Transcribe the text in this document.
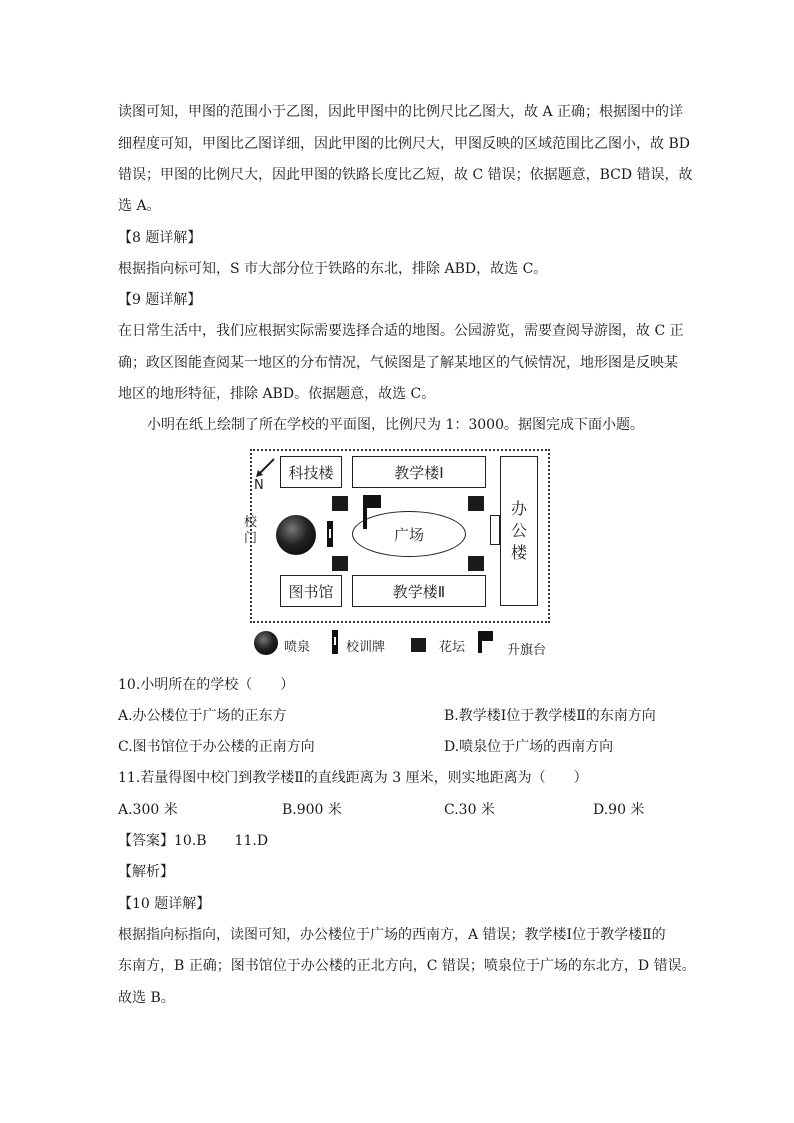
读图可知，甲图的范围小于乙图，因此甲图中的比例尺比乙图大，故 A 正确；根据图中的详
细程度可知，甲图比乙图详细，因此甲图的比例尺大，甲图反映的区域范围比乙图小，故 BD
错误；甲图的比例尺大，因此甲图的铁路长度比乙短，故 C 错误；依据题意，BCD 错误，故
选 A。
【8 题详解】
根据指向标可知，S 市大部分位于铁路的东北，排除 ABD，故选 C。
【9 题详解】
在日常生活中，我们应根据实际需要选择合适的地图。公园游览，需要查阅导游图，故 C 正
确；政区图能查阅某一地区的分布情况，气候图是了解某地区的气候情况，地形图是反映某
地区的地形特征，排除 ABD。依据题意，故选 C。
小明在纸上绘制了所在学校的平面图，比例尺为 1：3000。据图完成下面小题。
N
校门
科技楼	教学楼Ⅰ
图书馆	教学楼Ⅱ
办公楼
广场
喷泉	校训牌	花坛	升旗台
10.小明所在的学校（　　）
A.办公楼位于广场的正东方	B.教学楼Ⅰ位于教学楼Ⅱ的东南方向
C.图书馆位于办公楼的正南方向	D.喷泉位于广场的西南方向
11.若量得图中校门到教学楼Ⅱ的直线距离为 3 厘米，则实地距离为（　　）
A.300 米	B.900 米	C.30 米	D.90 米
【答案】10.B　　11.D
【解析】
【10 题详解】
根据指向标指向，读图可知，办公楼位于广场的西南方，A 错误；教学楼Ⅰ位于教学楼Ⅱ的
东南方，B 正确；图书馆位于办公楼的正北方向，C 错误；喷泉位于广场的东北方，D 错误。
故选 B。
